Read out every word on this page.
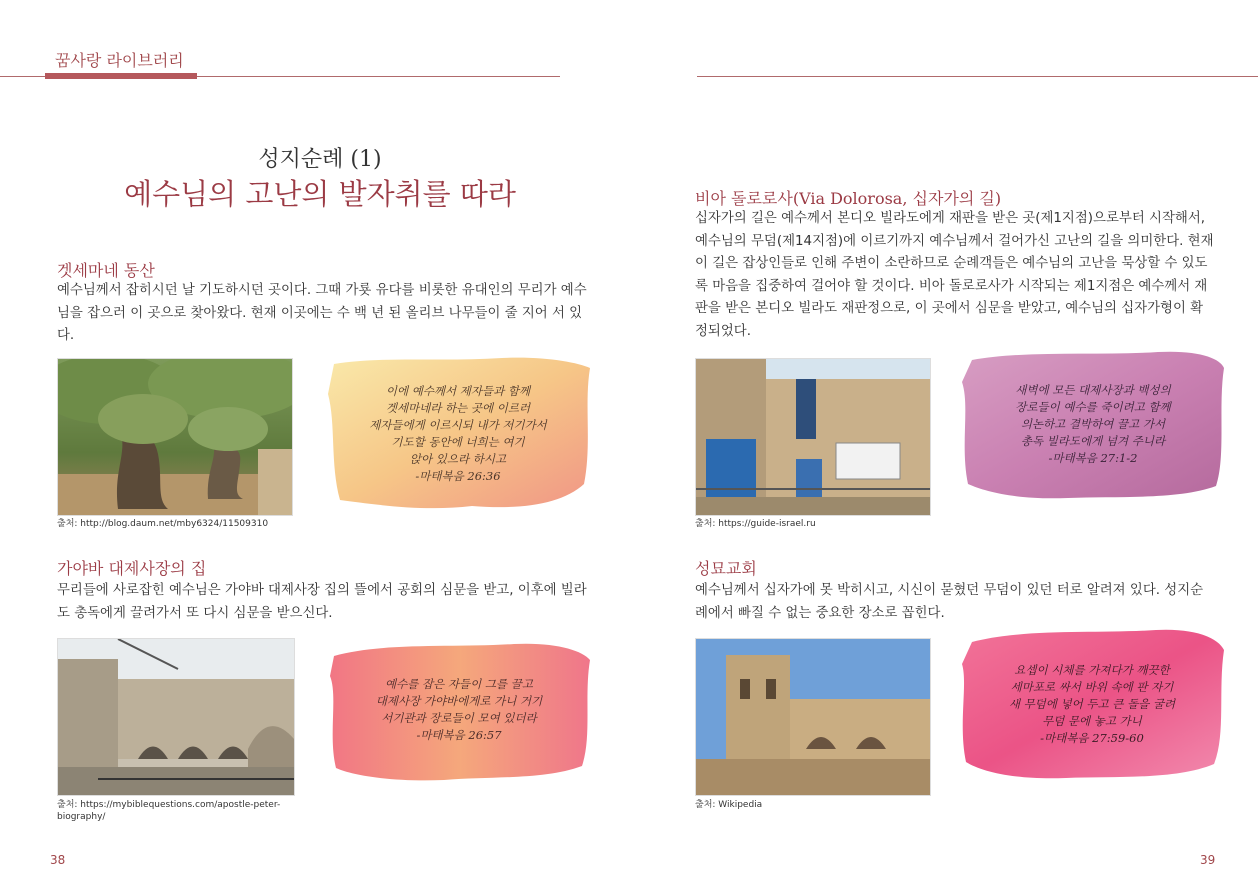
꿈사랑 라이브러리
성지순례 (1)
예수님의 고난의 발자취를 따라
겟세마네 동산
예수님께서 잡히시던 날 기도하시던 곳이다. 그때 가룟 유다를 비롯한 유대인의 무리가 예수님을 잡으러 이 곳으로 찾아왔다. 현재 이곳에는 수 백 년 된 올리브 나무들이 줄 지어 서 있다.
출처: http://blog.daum.net/mby6324/11509310
이에 예수께서 제자들과 함께
겟세마네라 하는 곳에 이르러
제자들에게 이르시되 내가 저기가서
기도할 동안에 너희는 여기
앉아 있으라 하시고
-마태복음 26:36
가야바 대제사장의 집
무리들에 사로잡힌 예수님은 가야바 대제사장 집의 뜰에서 공회의 심문을 받고, 이후에 빌라도 총독에게 끌려가서 또 다시 심문을 받으신다.
출처: https://mybiblequestions.com/apostle-peter-biography/
예수를 잡은 자들이 그를 끌고
대제사장 가야바에게로 가니 거기
서기관과 장로들이 모여 있더라
-마태복음 26:57
38
비아 돌로로사(Via Dolorosa, 십자가의 길)
십자가의 길은 예수께서 본디오 빌라도에게 재판을 받은 곳(제1지점)으로부터 시작해서, 예수님의 무덤(제14지점)에 이르기까지 예수님께서 걸어가신 고난의 길을 의미한다. 현재 이 길은 잡상인들로 인해 주변이 소란하므로 순례객들은 예수님의 고난을 묵상할 수 있도록 마음을 집중하여 걸어야 할 것이다. 비아 돌로로사가 시작되는 제1지점은 예수께서 재판을 받은 본디오 빌라도 재판정으로, 이 곳에서 심문을 받았고, 예수님의 십자가형이 확정되었다.
출처: https://guide-israel.ru
새벽에 모든 대제사장과 백성의
장로들이 예수를 죽이려고 함께
의논하고 결박하여 끌고 가서
총독 빌라도에게 넘겨 주니라
-마태복음 27:1-2
성묘교회
예수님께서 십자가에 못 박히시고, 시신이 묻혔던 무덤이 있던 터로 알려져 있다. 성지순례에서 빠질 수 없는 중요한 장소로 꼽힌다.
출처: Wikipedia
요셉이 시체를 가져다가 깨끗한
세마포로 싸서 바위 속에 판 자기
새 무덤에 넣어 두고 큰 돌을 굴려
무덤 문에 놓고 가니
-마태복음 27:59-60
39
